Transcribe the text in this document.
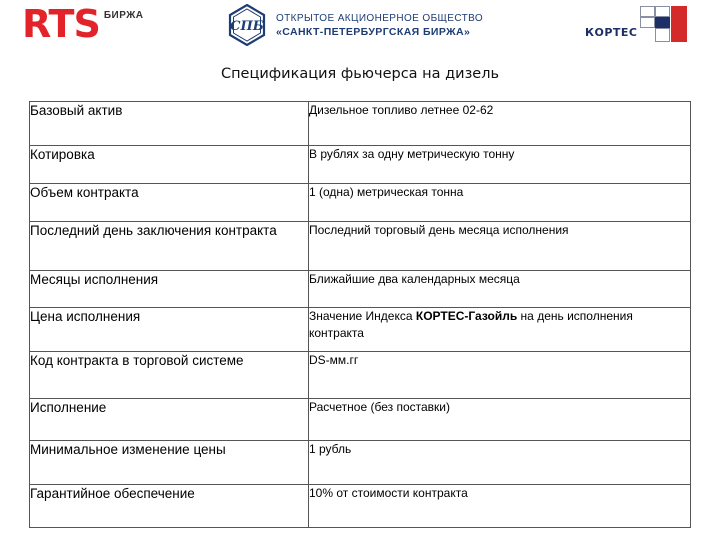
RTS БИРЖА
СПБ
ОТКРЫТОЕ АКЦИОНЕРНОЕ ОБЩЕСТВО
«САНКТ-ПЕТЕРБУРГСКАЯ БИРЖА»	КОРТЕС
Спецификация фьючерса на дизель
Базовый актив	Дизельное топливо летнее 02-62
Котировка	В рублях за одну метрическую тонну
Объем контракта	1 (одна) метрическая тонна
Последний день заключения контракта	Последний торговый день месяца исполнения
Месяцы исполнения	Ближайшие два календарных месяца
Цена исполнения	Значение Индекса КОРТЕС-Газойль на день исполнения контракта
Код контракта в торговой системе	DS-мм.гг
Исполнение	Расчетное (без поставки)
Минимальное изменение цены	1 рубль
Гарантийное обеспечение	10% от стоимости контракта
